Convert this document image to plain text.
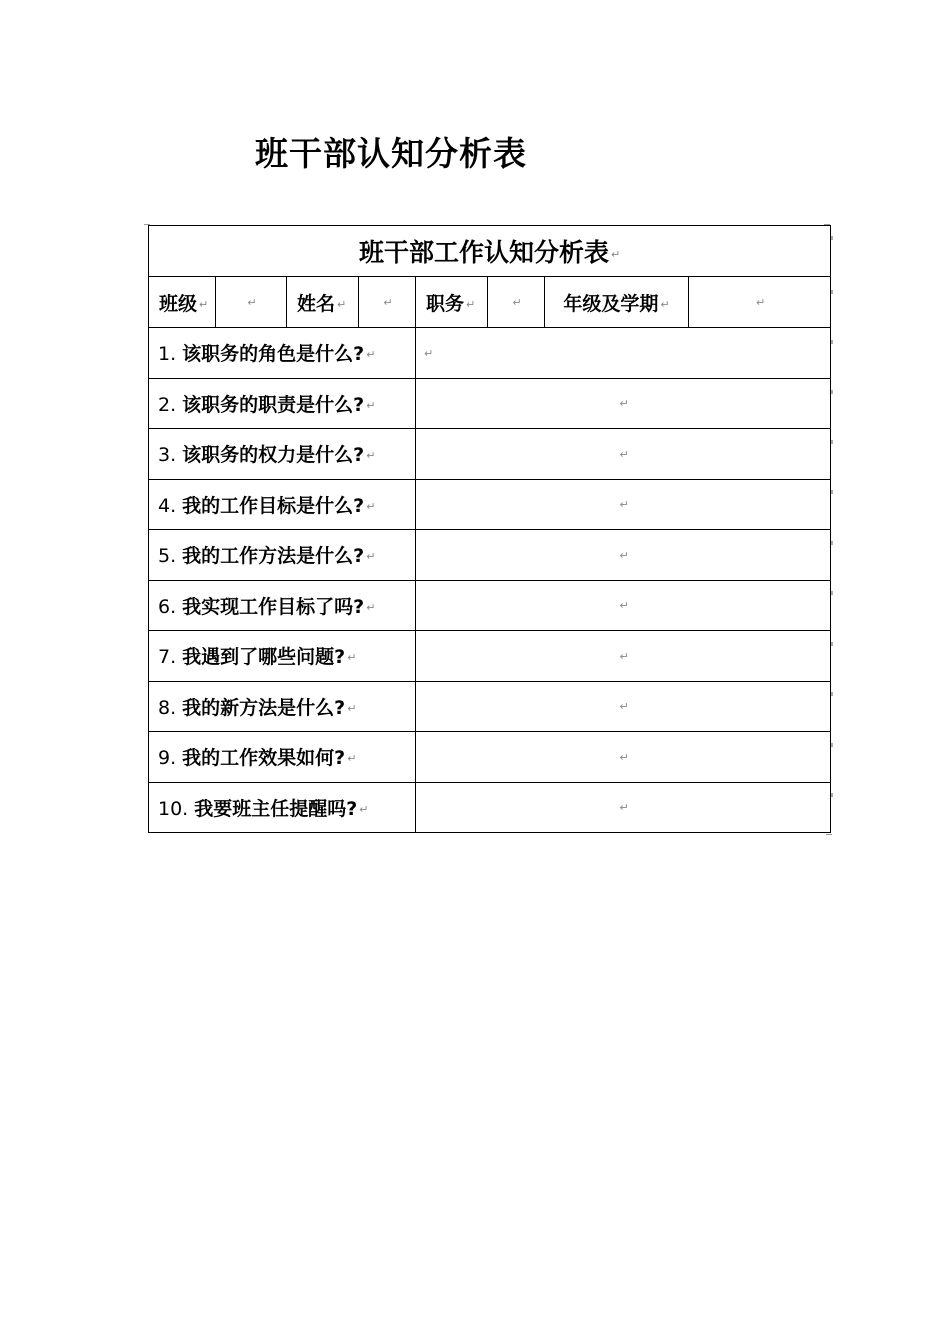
班干部认知分析表
班干部工作认知分析表 ↵							
班级 ↵	↵	姓名 ↵	↵	职务 ↵	↵	年级及学期 ↵	↵
1. 该职务的角色是什么? ↵				↵			
2. 该职务的职责是什么? ↵				↵			
3. 该职务的权力是什么? ↵				↵			
4. 我的工作目标是什么? ↵				↵			
5. 我的工作方法是什么? ↵				↵			
6. 我实现工作目标了吗? ↵				↵			
7. 我遇到了哪些问题? ↵				↵			
8. 我的新方法是什么? ↵				↵			
9. 我的工作效果如何? ↵				↵			
10. 我要班主任提醒吗? ↵				↵			
